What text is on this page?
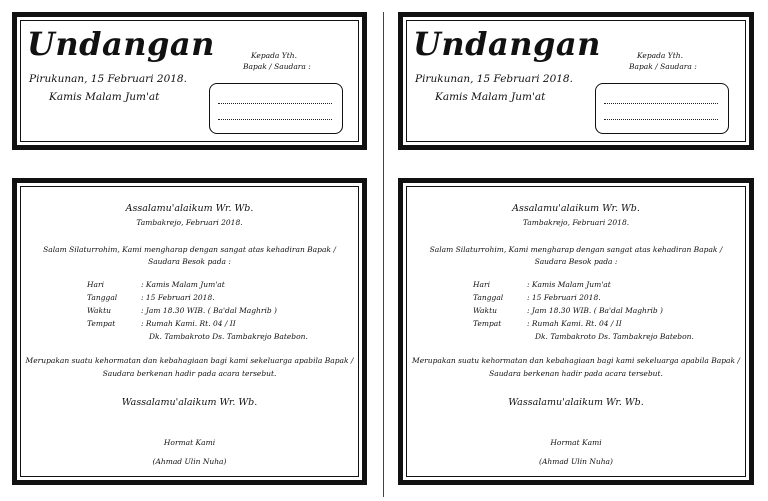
Undangan
Pirukunan, 15 Februari 2018.
Kamis Malam Jum'at
Kepada Yth.
Bapak / Saudara :
Assalamu'alaikum Wr. Wb.
Tambakrejo, Februari 2018.
Salam Silaturrohim, Kami mengharap dengan sangat atas kehadiran Bapak /
Saudara Besok pada :
Hari	: Kamis Malam Jum'at
Tanggal	: 15 Februari 2018.
Waktu	: Jam 18.30 WIB. ( Ba'dal Maghrib )
Tempat	: Rumah Kami. Rt. 04 / II
Dk. Tambakroto Ds. Tambakrejo Batebon.
Merupakan suatu kehormatan dan kebahagiaan bagi kami sekeluarga apabila Bapak /
Saudara berkenan hadir pada acara tersebut.
Wassalamu'alaikum Wr. Wb.
Hormat Kami
(Ahmad Ulin Nuha)
Undangan
Pirukunan, 15 Februari 2018.
Kamis Malam Jum'at
Kepada Yth.
Bapak / Saudara :
Assalamu'alaikum Wr. Wb.
Tambakrejo, Februari 2018.
Salam Silaturrohim, Kami mengharap dengan sangat atas kehadiran Bapak /
Saudara Besok pada :
Hari	: Kamis Malam Jum'at
Tanggal	: 15 Februari 2018.
Waktu	: Jam 18.30 WIB. ( Ba'dal Maghrib )
Tempat	: Rumah Kami. Rt. 04 / II
Dk. Tambakroto Ds. Tambakrejo Batebon.
Merupakan suatu kehormatan dan kebahagiaan bagi kami sekeluarga apabila Bapak /
Saudara berkenan hadir pada acara tersebut.
Wassalamu'alaikum Wr. Wb.
Hormat Kami
(Ahmad Ulin Nuha)
